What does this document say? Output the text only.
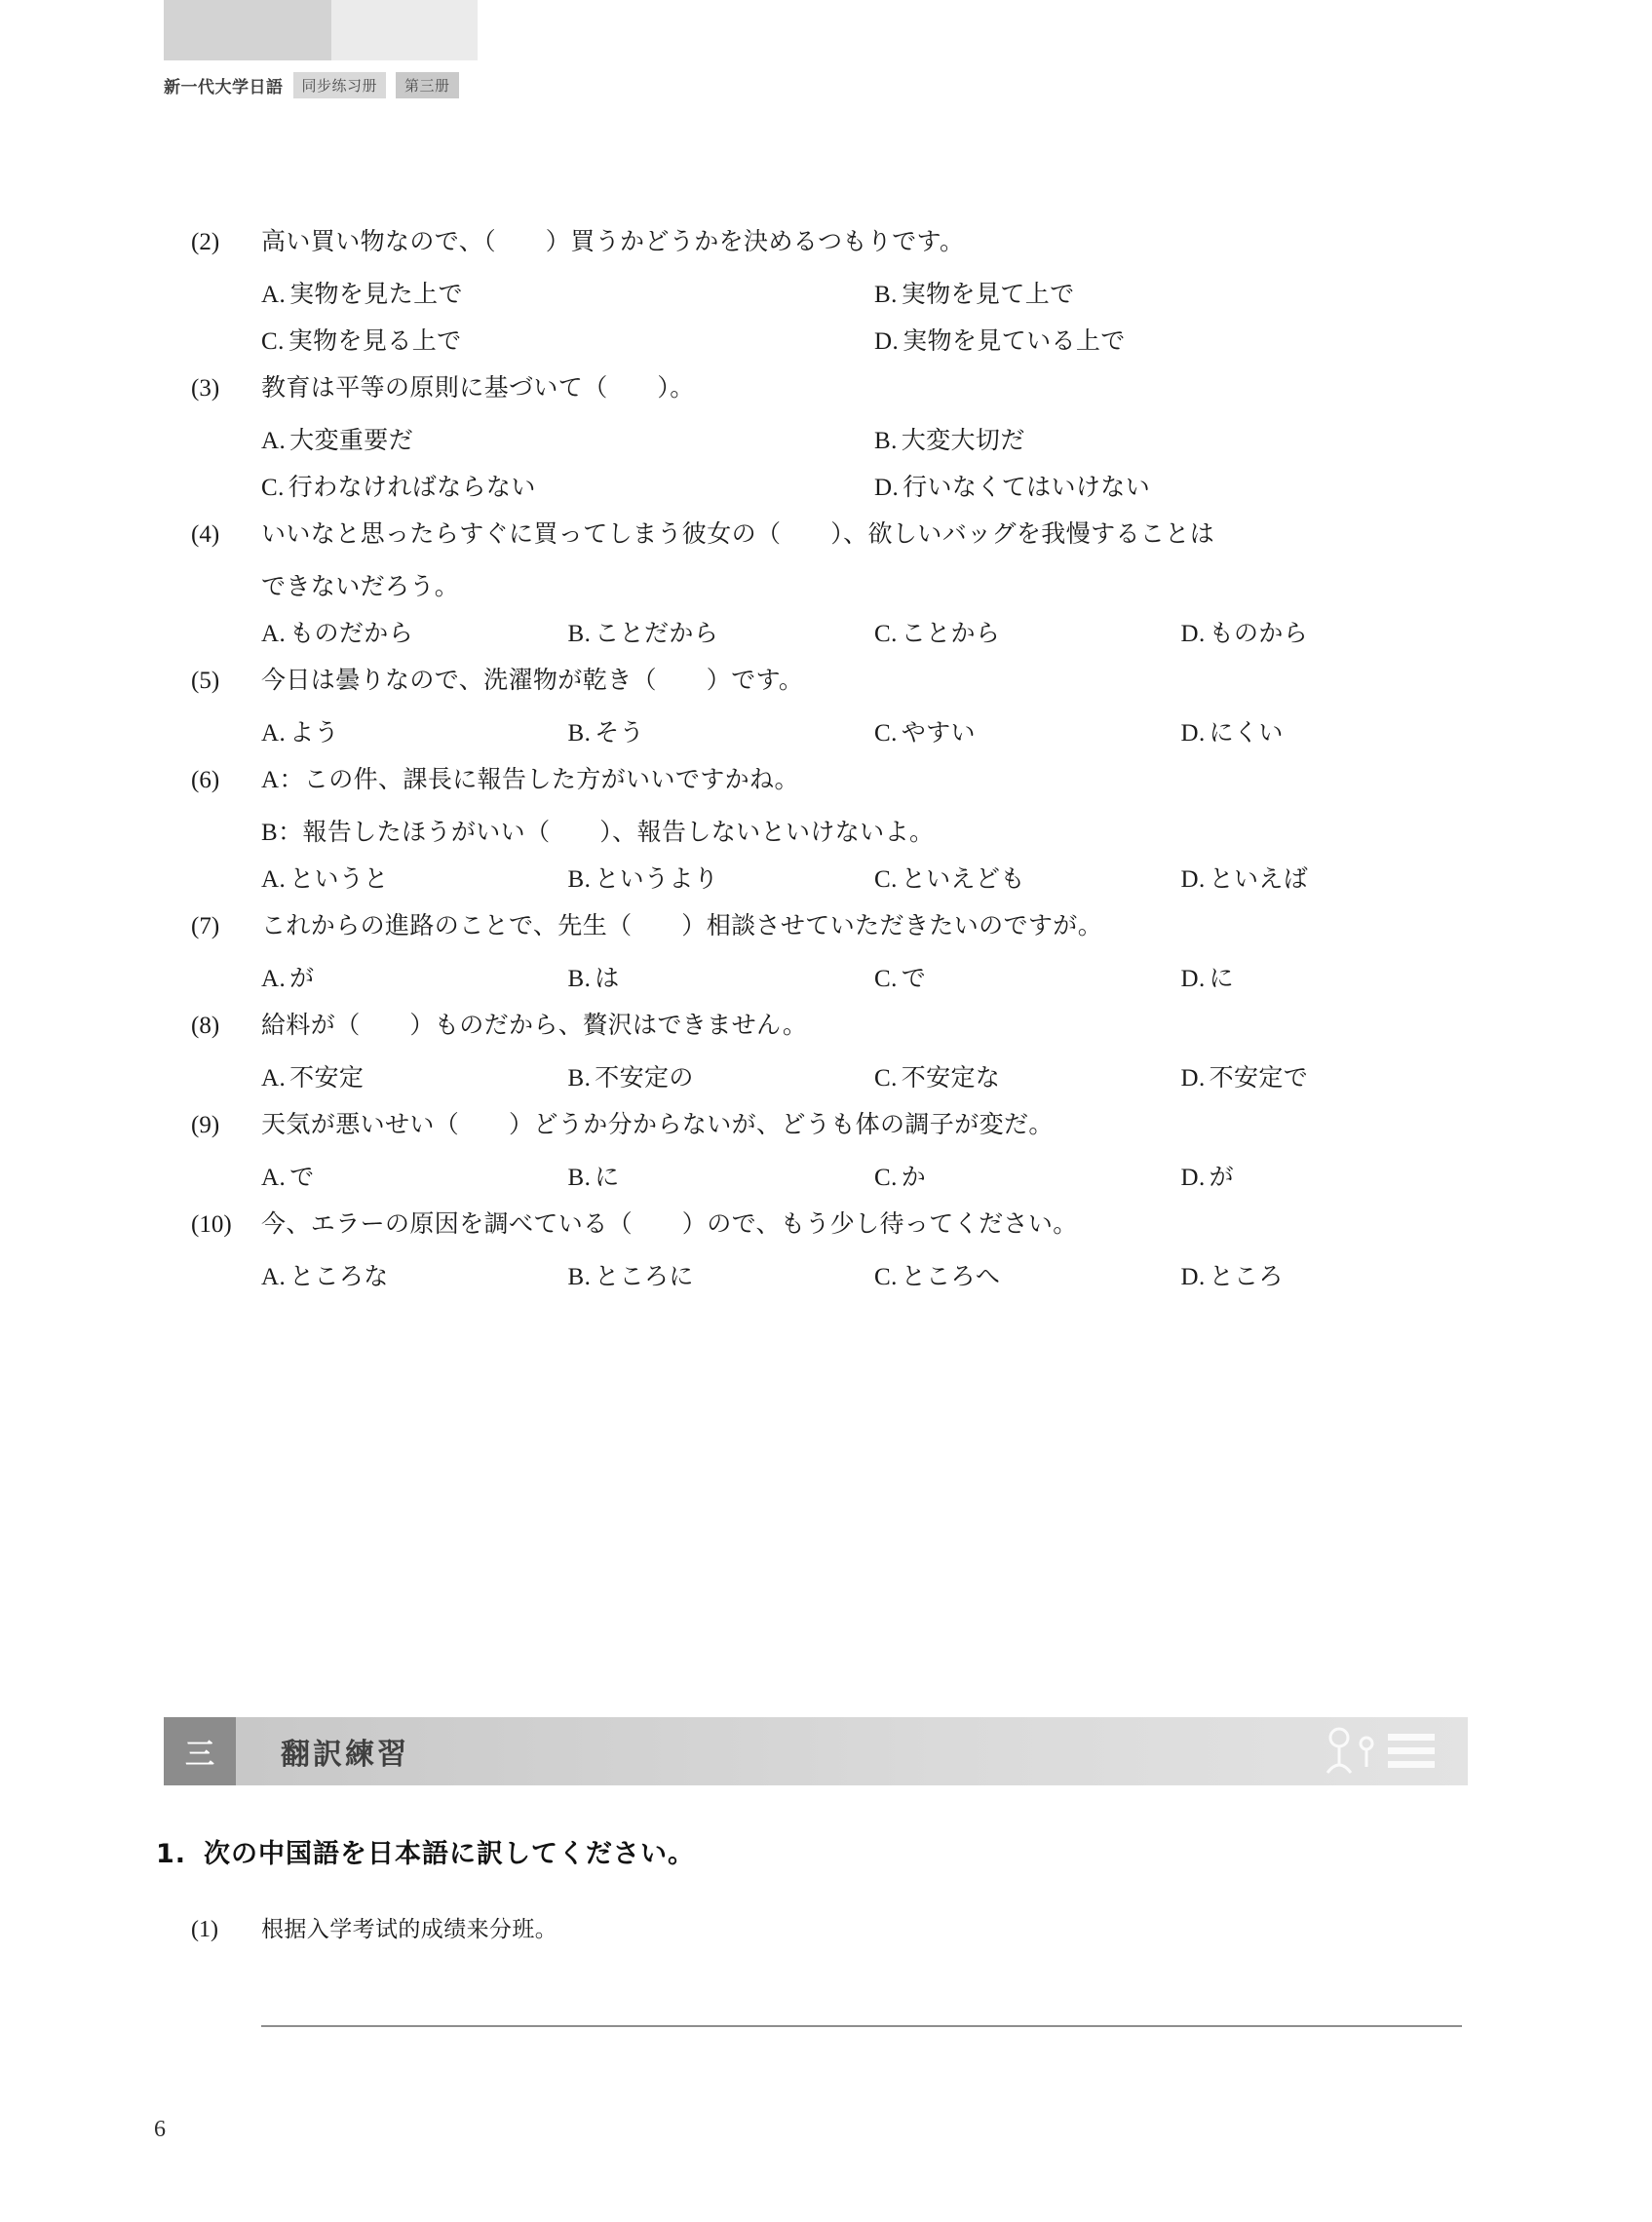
新一代大学日語	同步练习册	第三册
(2)	高い買い物なので、（　　）買うかどうかを決めるつもりです。
A. 実物を見た上で	B. 実物を見て上で
C. 実物を見る上で	D. 実物を見ている上で
(3)	教育は平等の原則に基づいて（　　）。
A. 大変重要だ	B. 大変大切だ
C. 行わなければならない	D. 行いなくてはいけない
(4)	いいなと思ったらすぐに買ってしまう彼女の（　　）、欲しいバッグを我慢することは
できないだろう。
A. ものだから	B. ことだから	C. ことから	D. ものから
(5)	今日は曇りなので、洗濯物が乾き（　　）です。
A. よう	B. そう	C. やすい	D. にくい
(6)	A：この件、課長に報告した方がいいですかね。
B：報告したほうがいい（　　）、報告しないといけないよ。
A. というと	B. というより	C. といえども	D. といえば
(7)	これからの進路のことで、先生（　　）相談させていただきたいのですが。
A. が	B. は	C. で	D. に
(8)	給料が（　　）ものだから、贅沢はできません。
A. 不安定	B. 不安定の	C. 不安定な	D. 不安定で
(9)	天気が悪いせい（　　）どうか分からないが、どうも体の調子が変だ。
A. で	B. に	C. か	D. が
(10)	今、エラーの原因を調べている（　　）ので、もう少し待ってください。
A. ところな	B. ところに	C. ところへ	D. ところ
三	翻訳練習
1. 次の中国語を日本語に訳してください。
(1)	根据入学考试的成绩来分班。
6
